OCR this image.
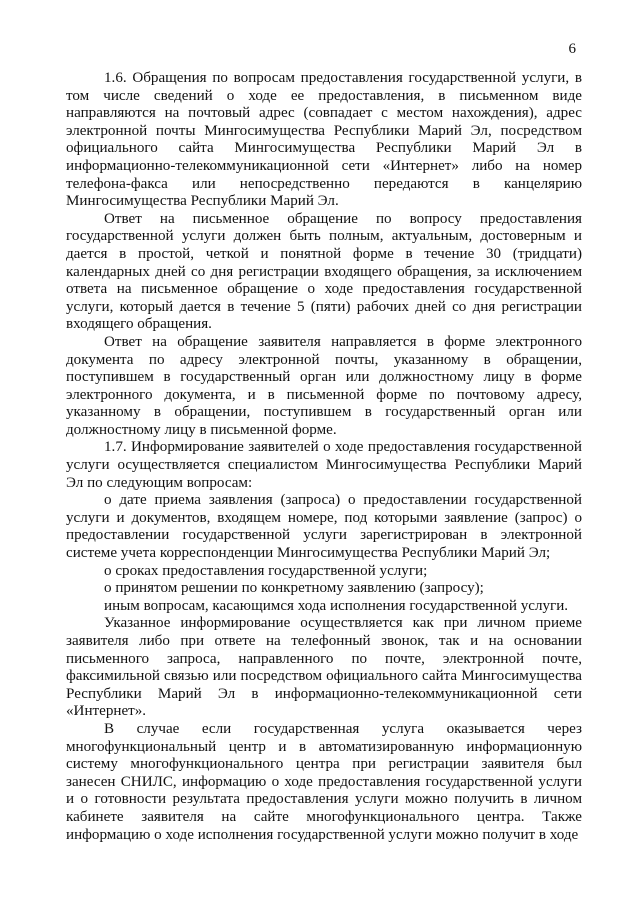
6

1.6. Обращения по вопросам предоставления государственной услуги, в том числе сведений о ходе ее предоставления, в письменном виде направляются на почтовый адрес (совпадает с местом нахождения), адрес электронной почты Мингосимущества Республики Марий Эл, посредством официального сайта Мингосимущества Республики Марий Эл в информационно-телекоммуникационной сети «Интернет» либо на номер телефона-факса или непосредственно передаются в канцелярию Мингосимущества Республики Марий Эл.

Ответ на письменное обращение по вопросу предоставления государственной услуги должен быть полным, актуальным, достоверным и дается в простой, четкой и понятной форме в течение 30 (тридцати) календарных дней со дня регистрации входящего обращения, за исключением ответа на письменное обращение о ходе предоставления государственной услуги, который дается в течение 5 (пяти) рабочих дней со дня регистрации входящего обращения.

Ответ на обращение заявителя направляется в форме электронного документа по адресу электронной почты, указанному в обращении, поступившем в государственный орган или должностному лицу в форме электронного документа, и в письменной форме по почтовому адресу, указанному в обращении, поступившем в государственный орган или должностному лицу в письменной форме.

1.7. Информирование заявителей о ходе предоставления государственной услуги осуществляется специалистом Мингосимущества Республики Марий Эл по следующим вопросам:

о дате приема заявления (запроса) о предоставлении государственной услуги и документов, входящем номере, под которыми заявление (запрос) о предоставлении государственной услуги зарегистрирован в электронной системе учета корреспонденции Мингосимущества Республики Марий Эл;

о сроках предоставления государственной услуги;

о принятом решении по конкретному заявлению (запросу);

иным вопросам, касающимся хода исполнения государственной услуги.

Указанное информирование осуществляется как при личном приеме заявителя либо при ответе на телефонный звонок, так и на основании письменного запроса, направленного по почте, электронной почте, факсимильной связью или посредством официального сайта Мингосимущества Республики Марий Эл в информационно-телекоммуникационной сети «Интернет».

В случае если государственная услуга оказывается через многофункциональный центр и в автоматизированную информационную систему многофункционального центра при регистрации заявителя был занесен СНИЛС, информацию о ходе предоставления государственной услуги и о готовности результата предоставления услуги можно получить в личном кабинете заявителя на сайте многофункционального центра. Также информацию о ходе исполнения государственной услуги можно получит в ходе
